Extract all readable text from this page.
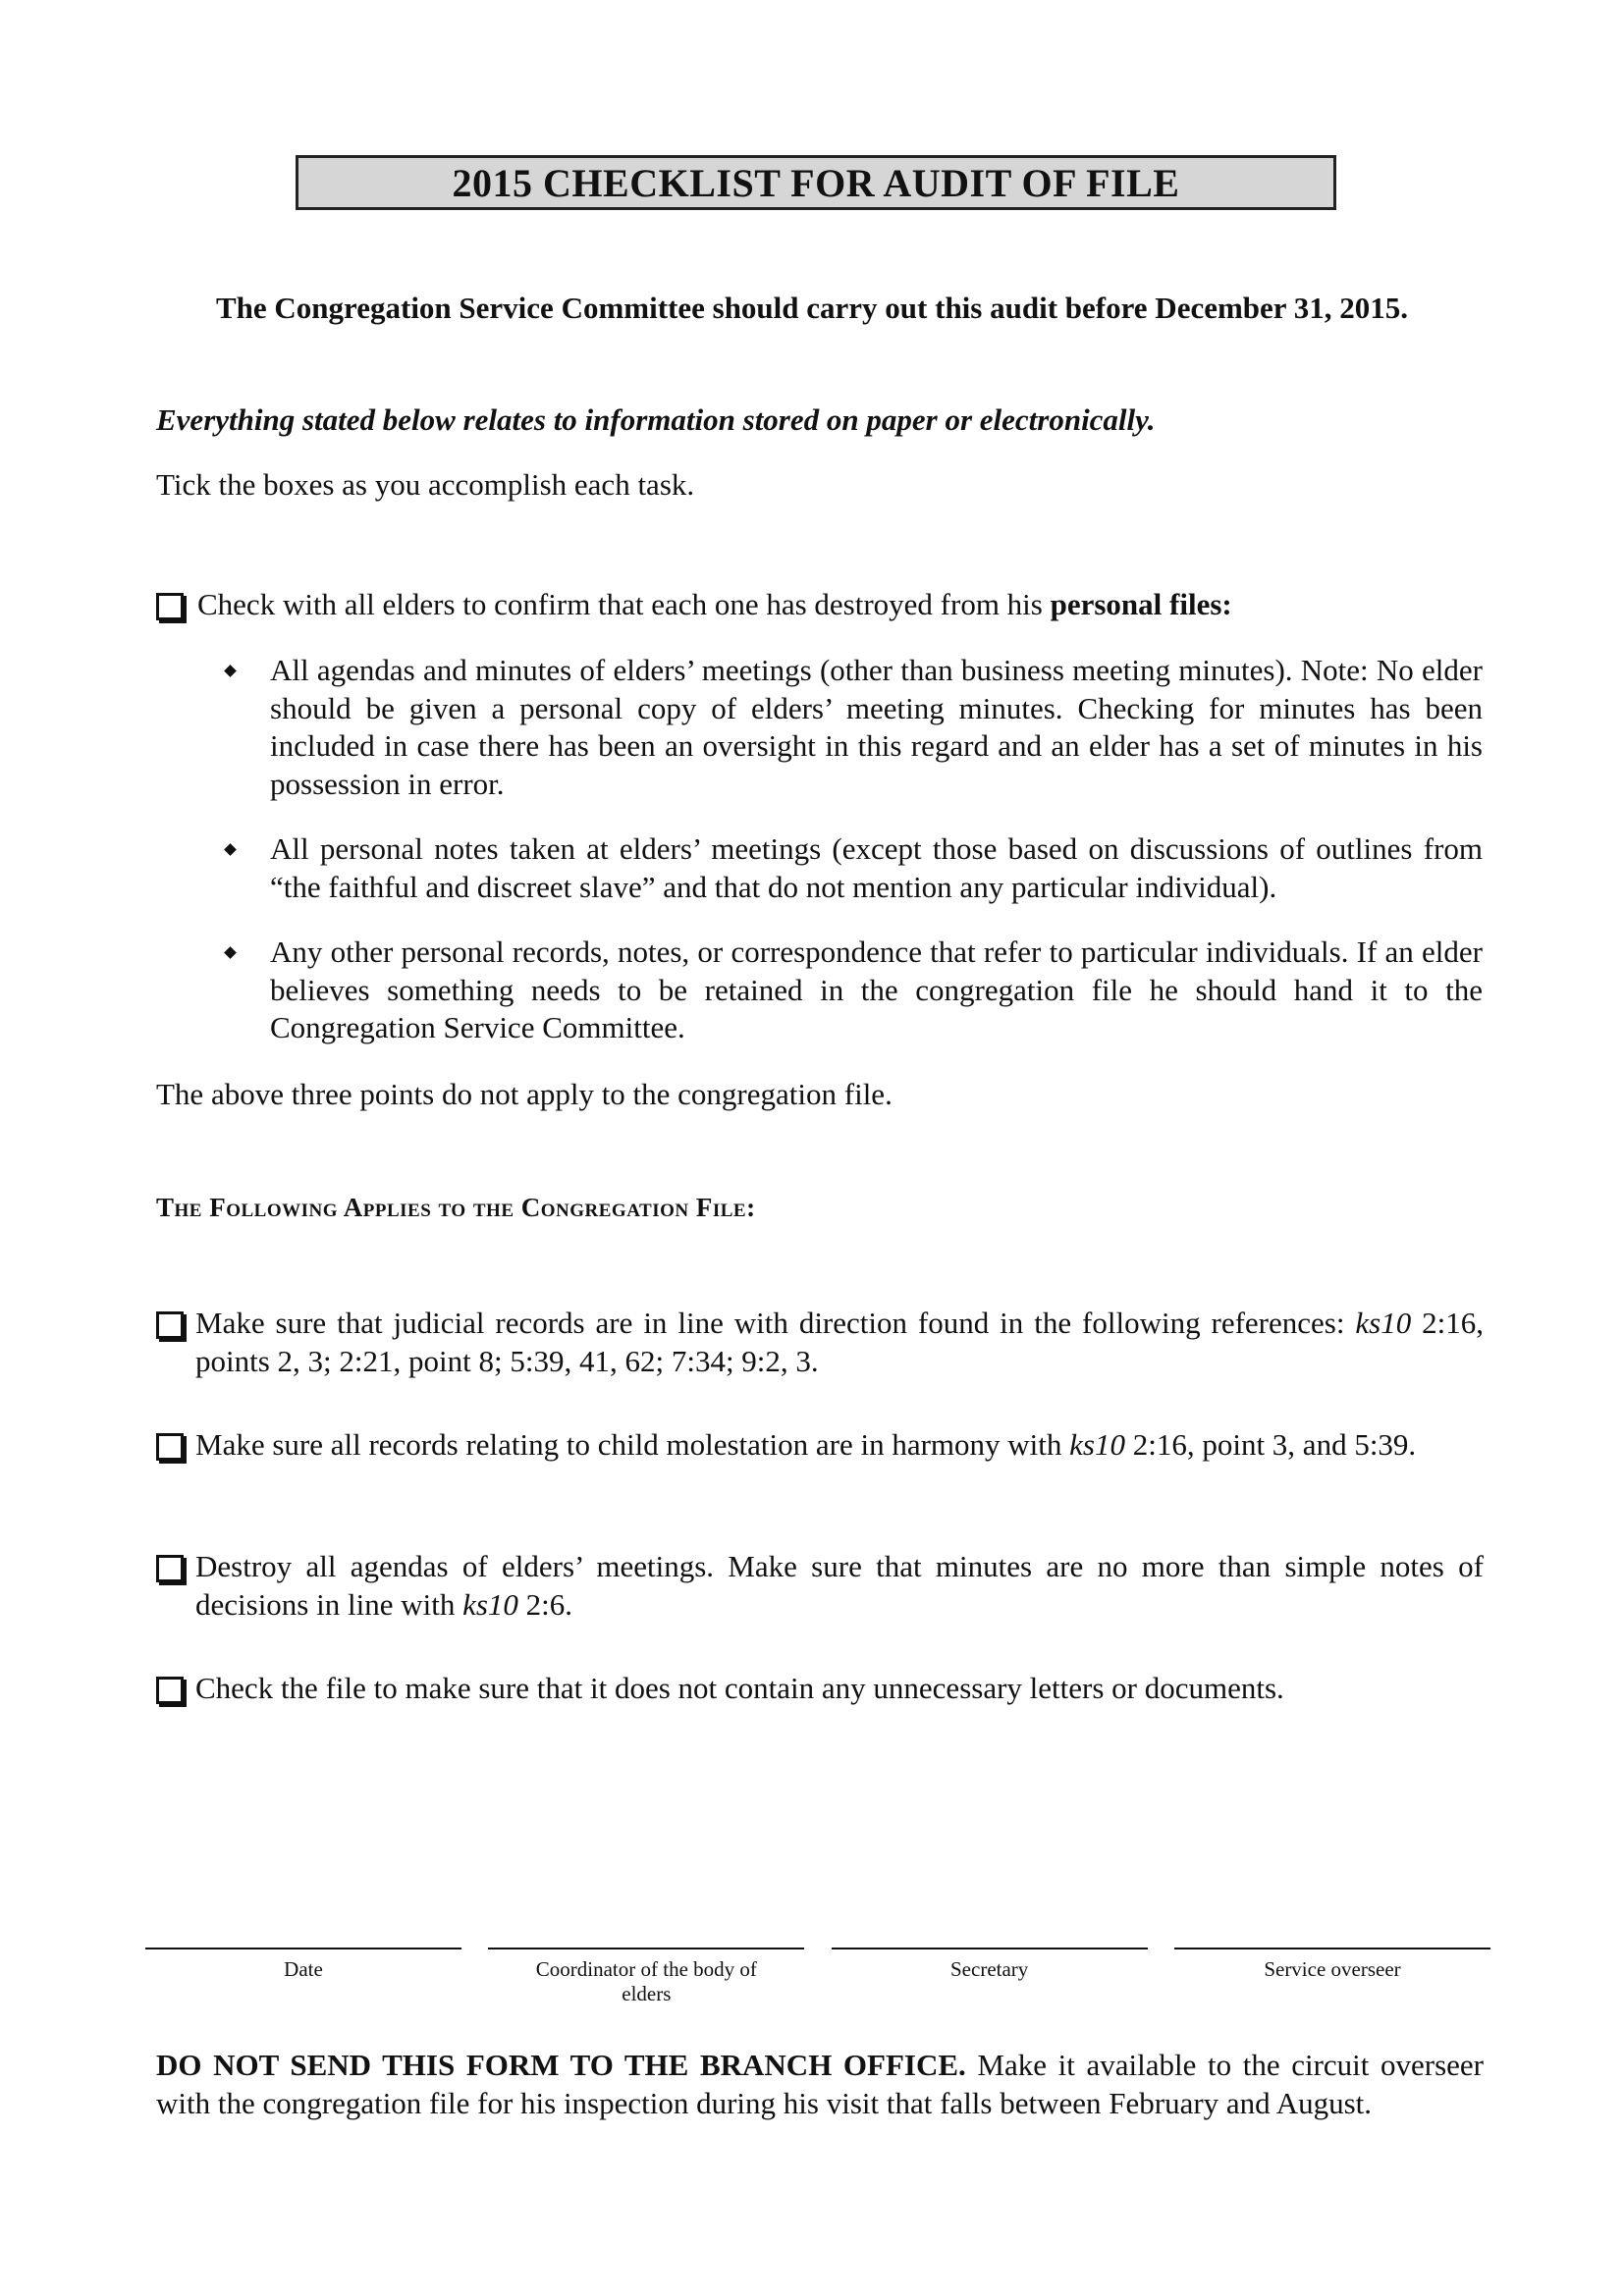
2015 CHECKLIST FOR AUDIT OF FILE
The Congregation Service Committee should carry out this audit before December 31, 2015.
Everything stated below relates to information stored on paper or electronically.
Tick the boxes as you accomplish each task.
Check with all elders to confirm that each one has destroyed from his personal files:
All agendas and minutes of elders’ meetings (other than business meeting minutes). Note: No elder should be given a personal copy of elders’ meeting minutes. Checking for minutes has been included in case there has been an oversight in this regard and an elder has a set of minutes in his possession in error.
All personal notes taken at elders’ meetings (except those based on discussions of outlines from “the faithful and discreet slave” and that do not mention any particular individual).
Any other personal records, notes, or correspondence that refer to particular individuals. If an elder believes something needs to be retained in the congregation file he should hand it to the Congregation Service Committee.
The above three points do not apply to the congregation file.
The Following Applies to the Congregation File:
Make sure that judicial records are in line with direction found in the following references: ks10 2:16, points 2, 3; 2:21, point 8; 5:39, 41, 62; 7:34; 9:2, 3.
Make sure all records relating to child molestation are in harmony with ks10 2:16, point 3, and 5:39.
Destroy all agendas of elders’ meetings. Make sure that minutes are no more than simple notes of decisions in line with ks10 2:6.
Check the file to make sure that it does not contain any unnecessary letters or documents.
Date	Coordinator of the body of elders
Secretary	Service overseer
DO NOT SEND THIS FORM TO THE BRANCH OFFICE. Make it available to the circuit overseer with the congregation file for his inspection during his visit that falls between February and August.
